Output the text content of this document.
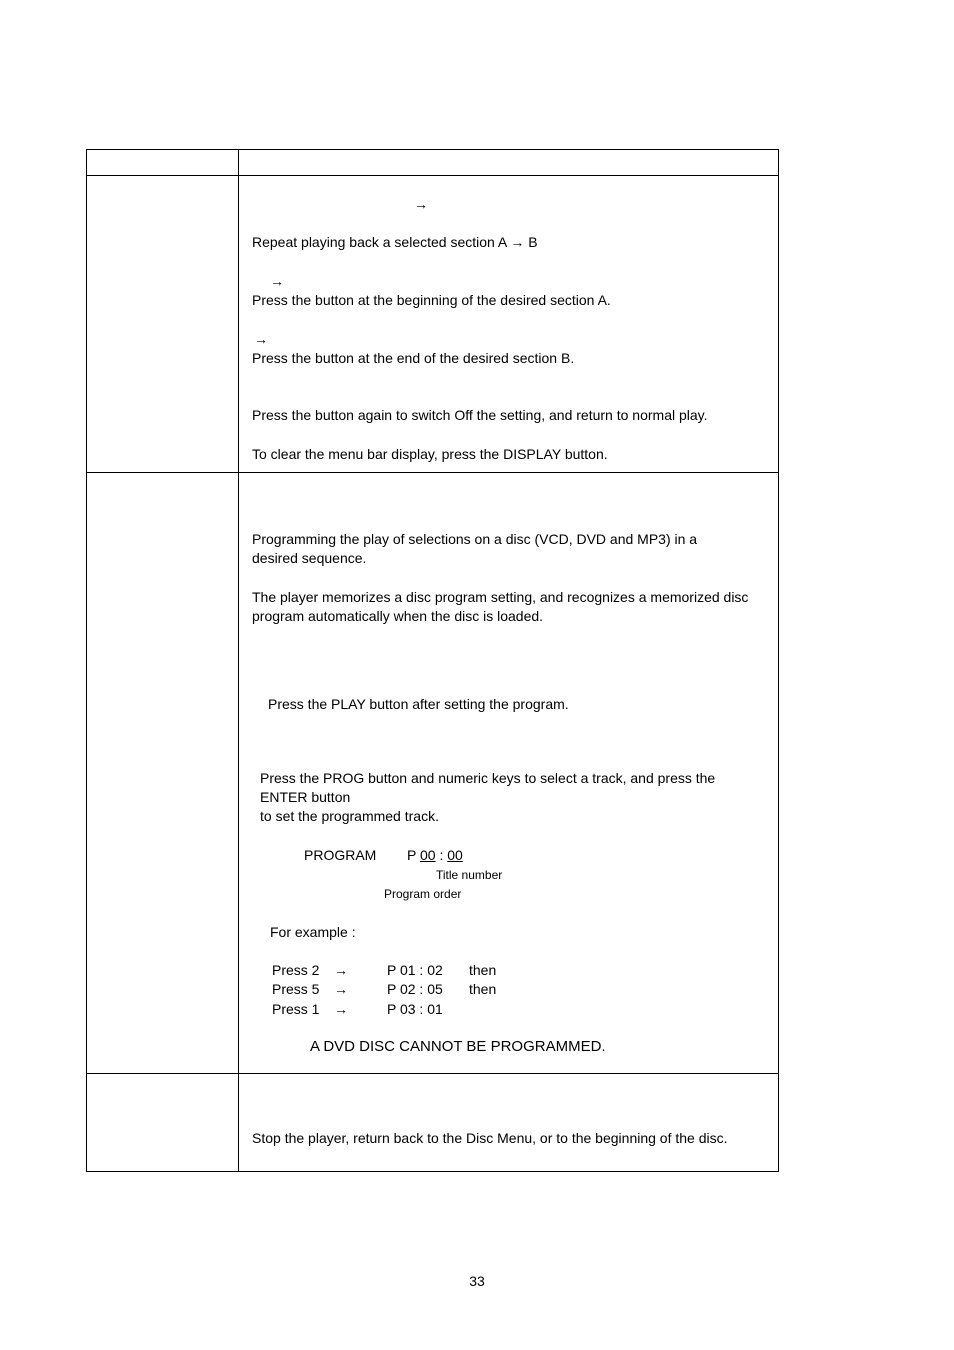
→
Repeat playing back a selected section A → B
→
Press the button at the beginning of the desired section A.
→
Press the button at the end of the desired section B.
Press the button again to switch Off the setting, and return to normal play.
To clear the menu bar display, press the DISPLAY button.
Programming the play of selections on a disc (VCD, DVD and MP3) in a
desired sequence.
The player memorizes a disc program setting, and recognizes a memorized disc
program automatically when the disc is loaded.
Press the PLAY button after setting the program.
Press the PROG button and numeric keys to select a track, and press the
ENTER button
to set the programmed track.
PROGRAM P 00 : 00
Title number
Program order
For example :
Press 2 →	P 01 : 02 then
Press 5 →	P 02 : 05 then
Press 1 →	P 03 : 01
A DVD DISC CANNOT BE PROGRAMMED.
Stop the player, return back to the Disc Menu, or to the beginning of the disc.
33
